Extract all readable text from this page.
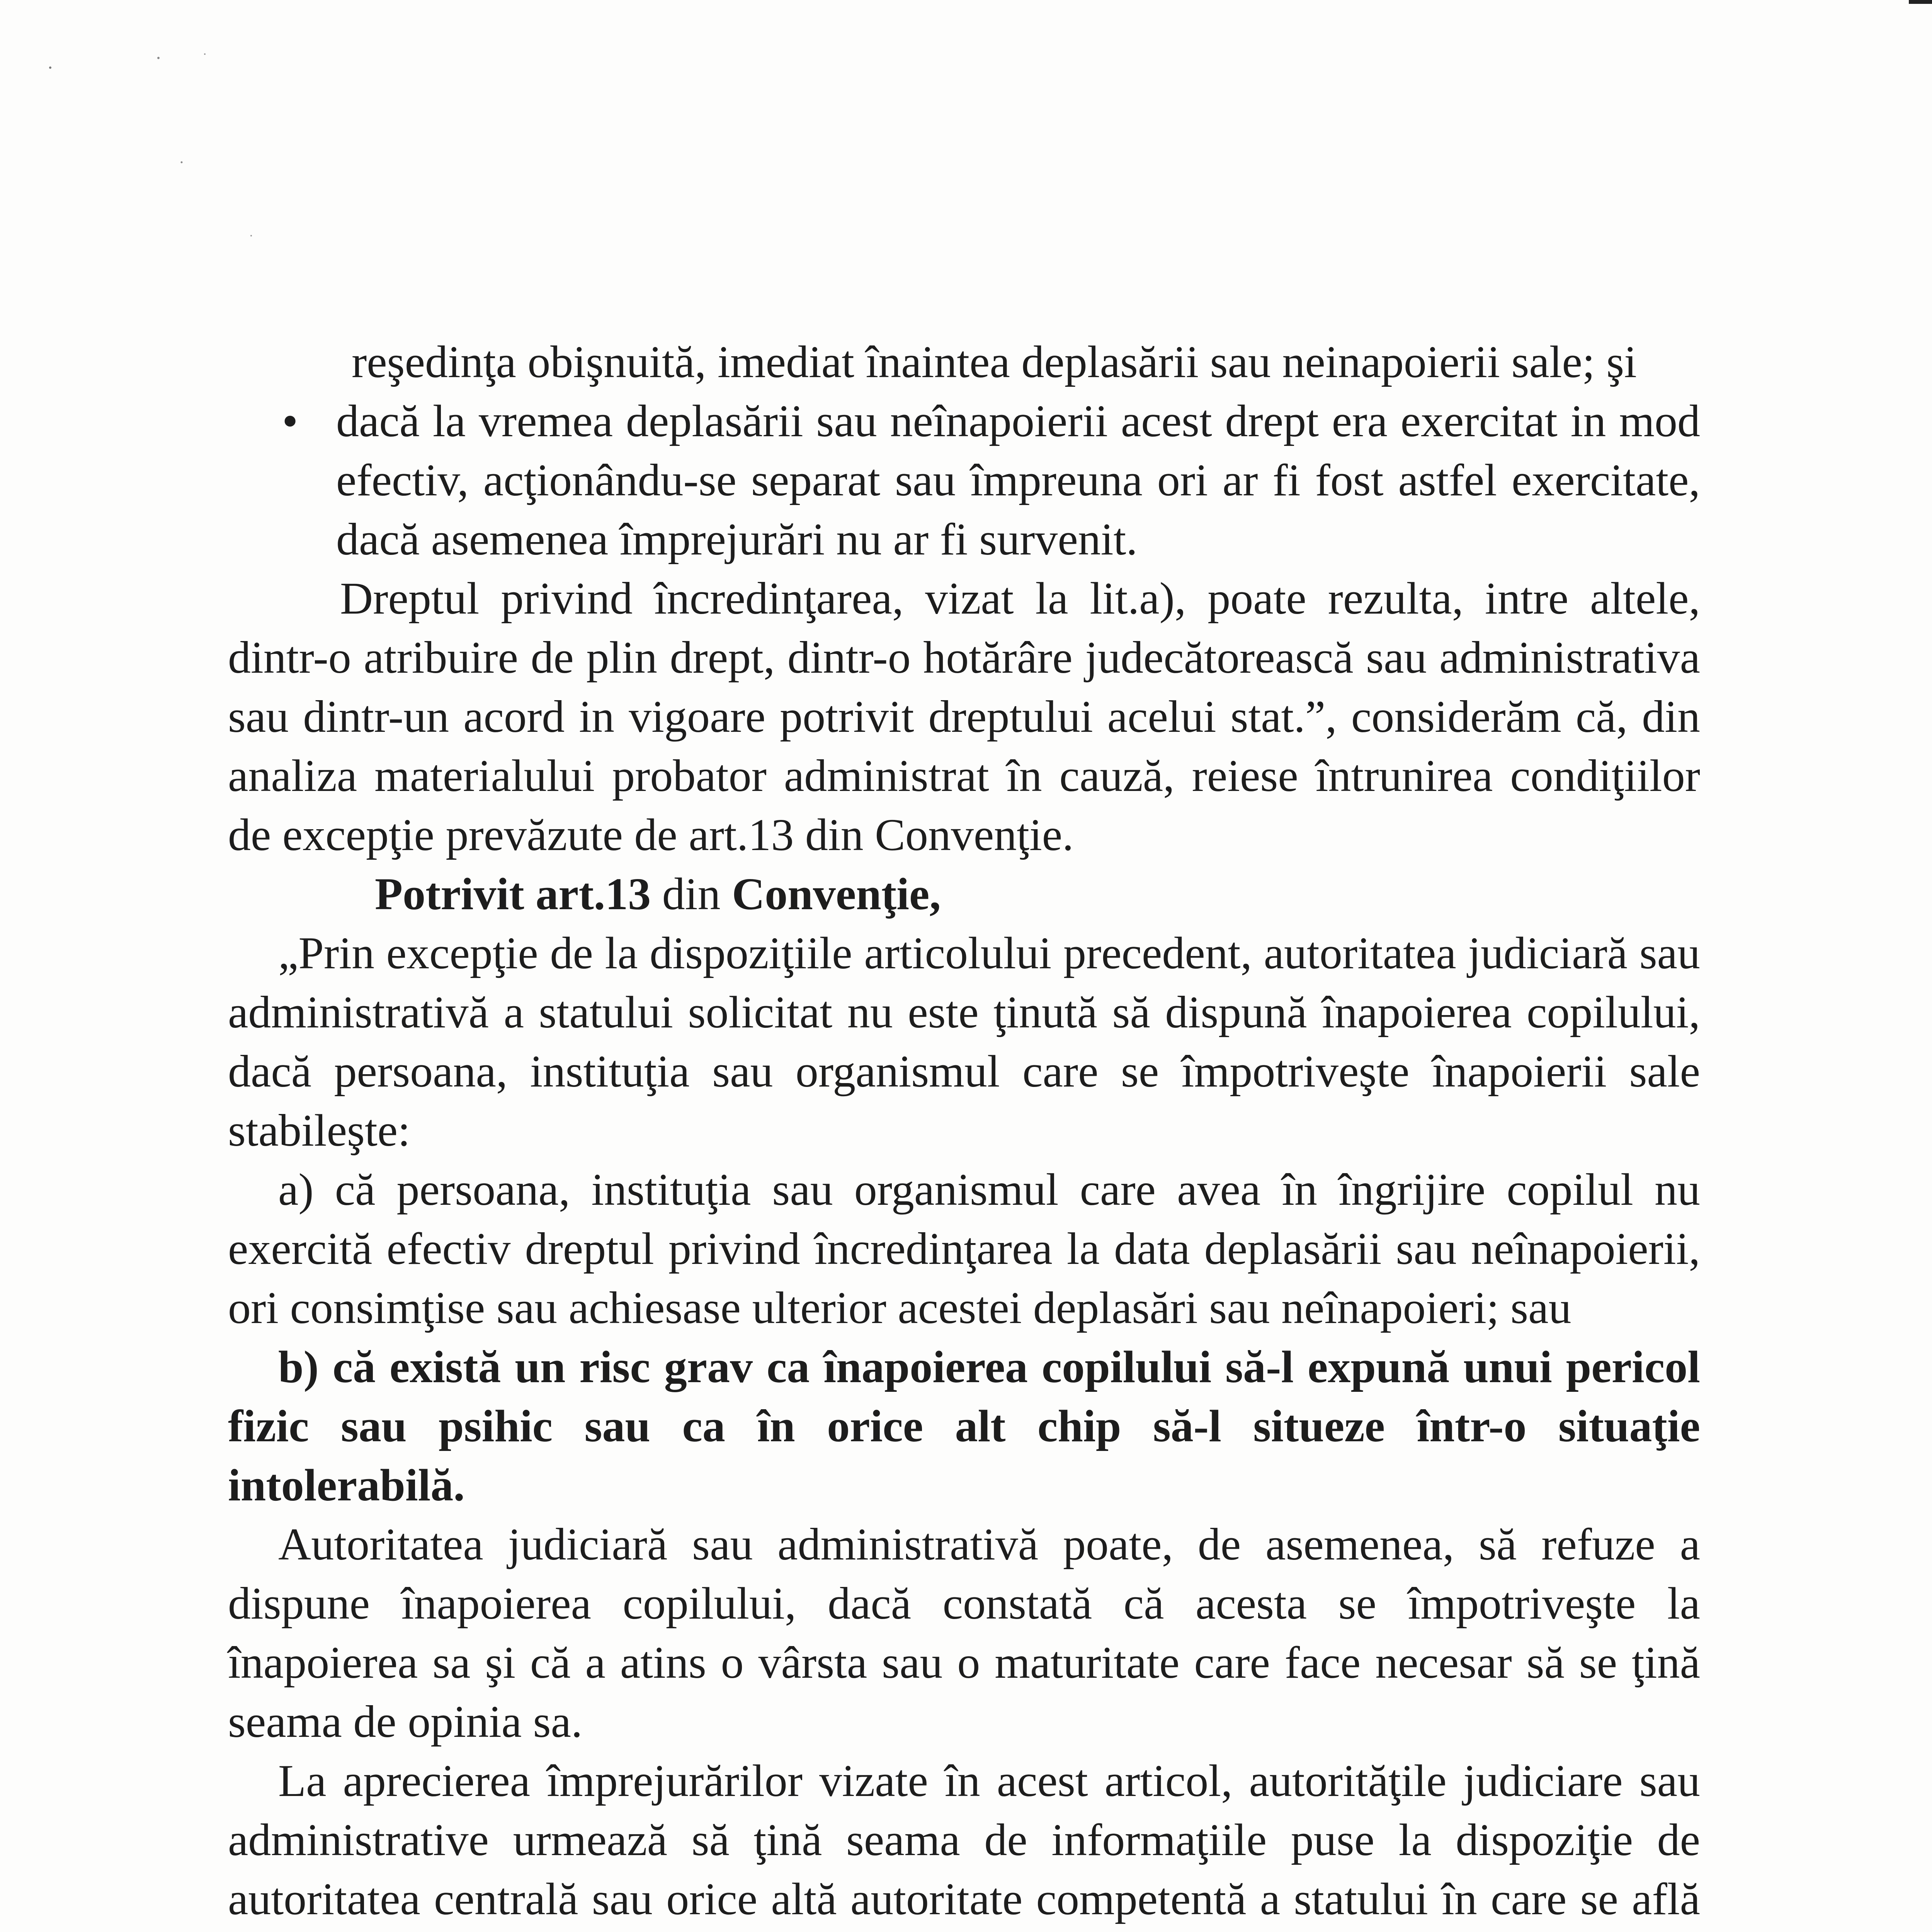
reşedinţa obişnuită, imediat înaintea deplasării sau neinapoierii sale; şi

• dacă la vremea deplasării sau neînapoierii acest drept era exercitat in mod efectiv, acţionându-se separat sau împreuna ori ar fi fost astfel exercitate, dacă asemenea împrejurări nu ar fi survenit.

Dreptul privind încredinţarea, vizat la lit.a), poate rezulta, intre altele, dintr-o atribuire de plin drept, dintr-o hotărâre judecătorească sau administrativa sau dintr-un acord in vigoare potrivit dreptului acelui stat.”, considerăm că, din analiza materialului probator administrat în cauză, reiese întrunirea condiţiilor de excepţie prevăzute de art.13 din Convenţie.

Potrivit art.13 din Convenţie,

„Prin excepţie de la dispoziţiile articolului precedent, autoritatea judiciară sau administrativă a statului solicitat nu este ţinută să dispună înapoierea copilului, dacă persoana, instituţia sau organismul care se împotriveşte înapoierii sale stabileşte:

a) că persoana, instituţia sau organismul care avea în îngrijire copilul nu exercită efectiv dreptul privind încredinţarea la data deplasării sau neînapoierii, ori consimţise sau achiesase ulterior acestei deplasări sau neînapoieri; sau

b) că există un risc grav ca înapoierea copilului să-l expună unui pericol fizic sau psihic sau ca în orice alt chip să-l situeze într-o situaţie intolerabilă.

Autoritatea judiciară sau administrativă poate, de asemenea, să refuze a dispune înapoierea copilului, dacă constată că acesta se împotriveşte la înapoierea sa şi că a atins o vârsta sau o maturitate care face necesar să se ţină seama de opinia sa.

La aprecierea împrejurărilor vizate în acest articol, autorităţile judiciare sau administrative urmează să ţină seama de informaţiile puse la dispoziţie de autoritatea centrală sau orice altă autoritate competentă a statului în care se află
